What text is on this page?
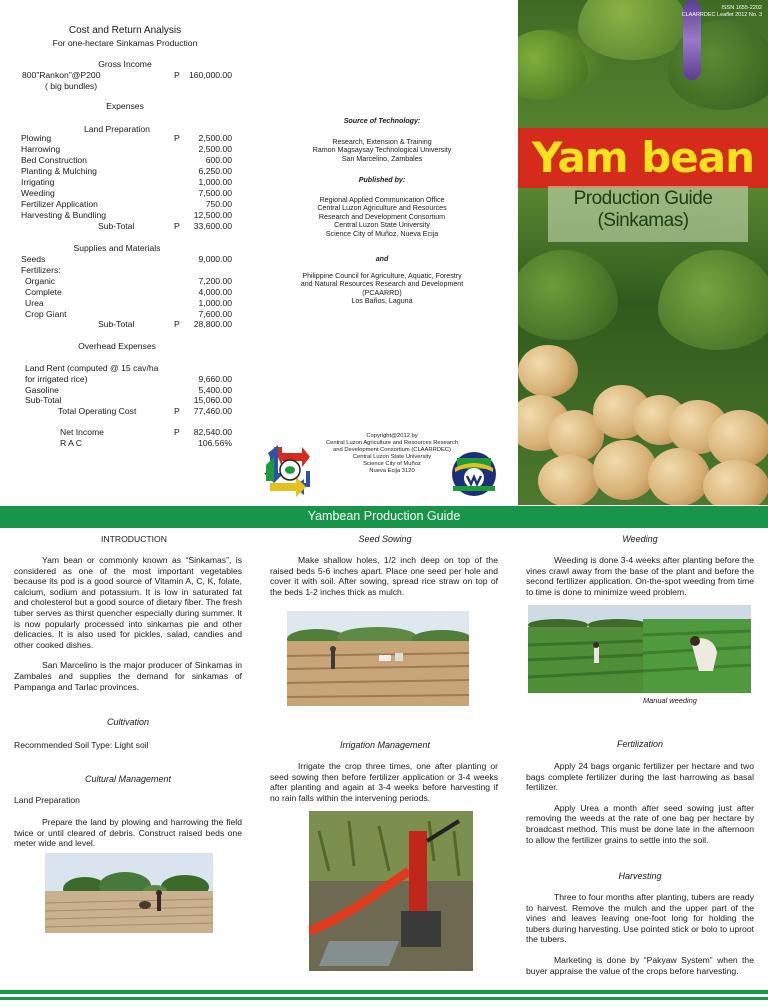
Cost and Return Analysis
For one-hectare Sinkamas Production
Gross Income
800”Rankon”@P200	P 160,000.00
( big bundles)
Expenses
Land Preparation
Plowing	P 2,500.00
Harrowing	2,500.00
Bed Construction	600.00
Planting & Mulching	6,250.00
Irrigating	1,000.00
Weeding	7,500.00
Fertilizer Application	750.00
Harvesting & Bundling	12,500.00
Sub-Total	P 33,600.00
Supplies and Materials
Seeds	9,000.00
Fertilizers:
Organic	7,200.00
Complete	4,000.00
Urea	1,000.00
Crop Giant	7,600.00
Sub-Total	P 28,800.00
Overhead Expenses
Land Rent (computed @ 15 cav/ha
for irrigated rice)	9,660.00
Gasoline	5,400.00
Sub-Total	15,060.00
Total Operating Cost	P 77,460.00
Net Income	P 82,540.00
R A C	106.56%
Source of Technology:
Research, Extension & Training
Ramon Magsaysay Technological University
San Marcelino, Zambales
Published by:
Regional Applied Communication Office
Central Luzon Agriculture and Resources
Research and Development Consortium
Central Luzon State University
Science City of Muñoz, Nueva Ecija
and
Philippine Council for Agriculture, Aquatic, Forestry
and Natural Resources Research and Development
(PCAARRD)
Los Baños, Laguna
Copyright@2012 by
Central Luzon Agriculture and Resources Research
and Development Consortium (CLAARRDEC)
Central Luzon State University
Science City of Muñoz
Nueva Ecija 3120
ISSN 1655-2202
CLAARRDEC Leaflet 2012 No. 3
Yam bean
Production Guide
(Sinkamas)
Yambean Production Guide
INTRODUCTION

Yam bean or commonly known as “Sinkamas”, is considered as one of the most important vegetables because its pod is a good source of Vitamin A, C, K, folate, calcium, sodium and potassium. It is low in saturated fat and cholesterol but a good source of dietary fiber. The fresh tuber serves as thirst quencher especially during summer. It is now popularly processed into sinkamas pie and other delicacies. It is also used for pickles, salad, candies and other cooked dishes.

San Marcelino is the major producer of Sinkamas in Zambales and supplies the demand for sinkamas of Pampanga and Tarlac provinces.

Cultivation
Recommended Soil Type: Light soil
Cultural Management
Land Preparation

Prepare the land by plowing and harrowing the field twice or until cleared of debris. Construct raised beds one meter wide and level.

Seed Sowing

Make shallow holes, 1/2 inch deep on top of the raised beds 5-6 inches apart. Place one seed per hole and cover it with soil. After sowing, spread rice straw on top of the beds 1-2 inches thick as mulch.

Irrigation Management

Irrigate the crop three times, one after planting or seed sowing then before fertilizer application or 3-4 weeks after planting and again at 3-4 weeks before harvesting if no rain falls within the intervening periods.

Weeding

Weeding is done 3-4 weeks after planting before the vines crawl away from the base of the plant and before the second fertilizer application. On-the-spot weeding from time to time is done to minimize weed problem.

Manual weeding
Fertilization

Apply 24 bags organic fertilizer per hectare and two bags complete fertilizer during the last harrowing as basal fertilizer.

Apply Urea a month after seed sowing just after removing the weeds at the rate of one bag per hectare by broadcast method. This must be done late in the afternoon to allow the fertilizer grains to settle into the soil.

Harvesting

Three to four months after planting, tubers are ready to harvest. Remove the mulch and the upper part of the vines and leaves leaving one-foot long for holding the tubers during harvesting. Use pointed stick or bolo to uproot the tubers.

Marketing is done by “Pakyaw System” when the buyer appraise the value of the crops before harvesting.
